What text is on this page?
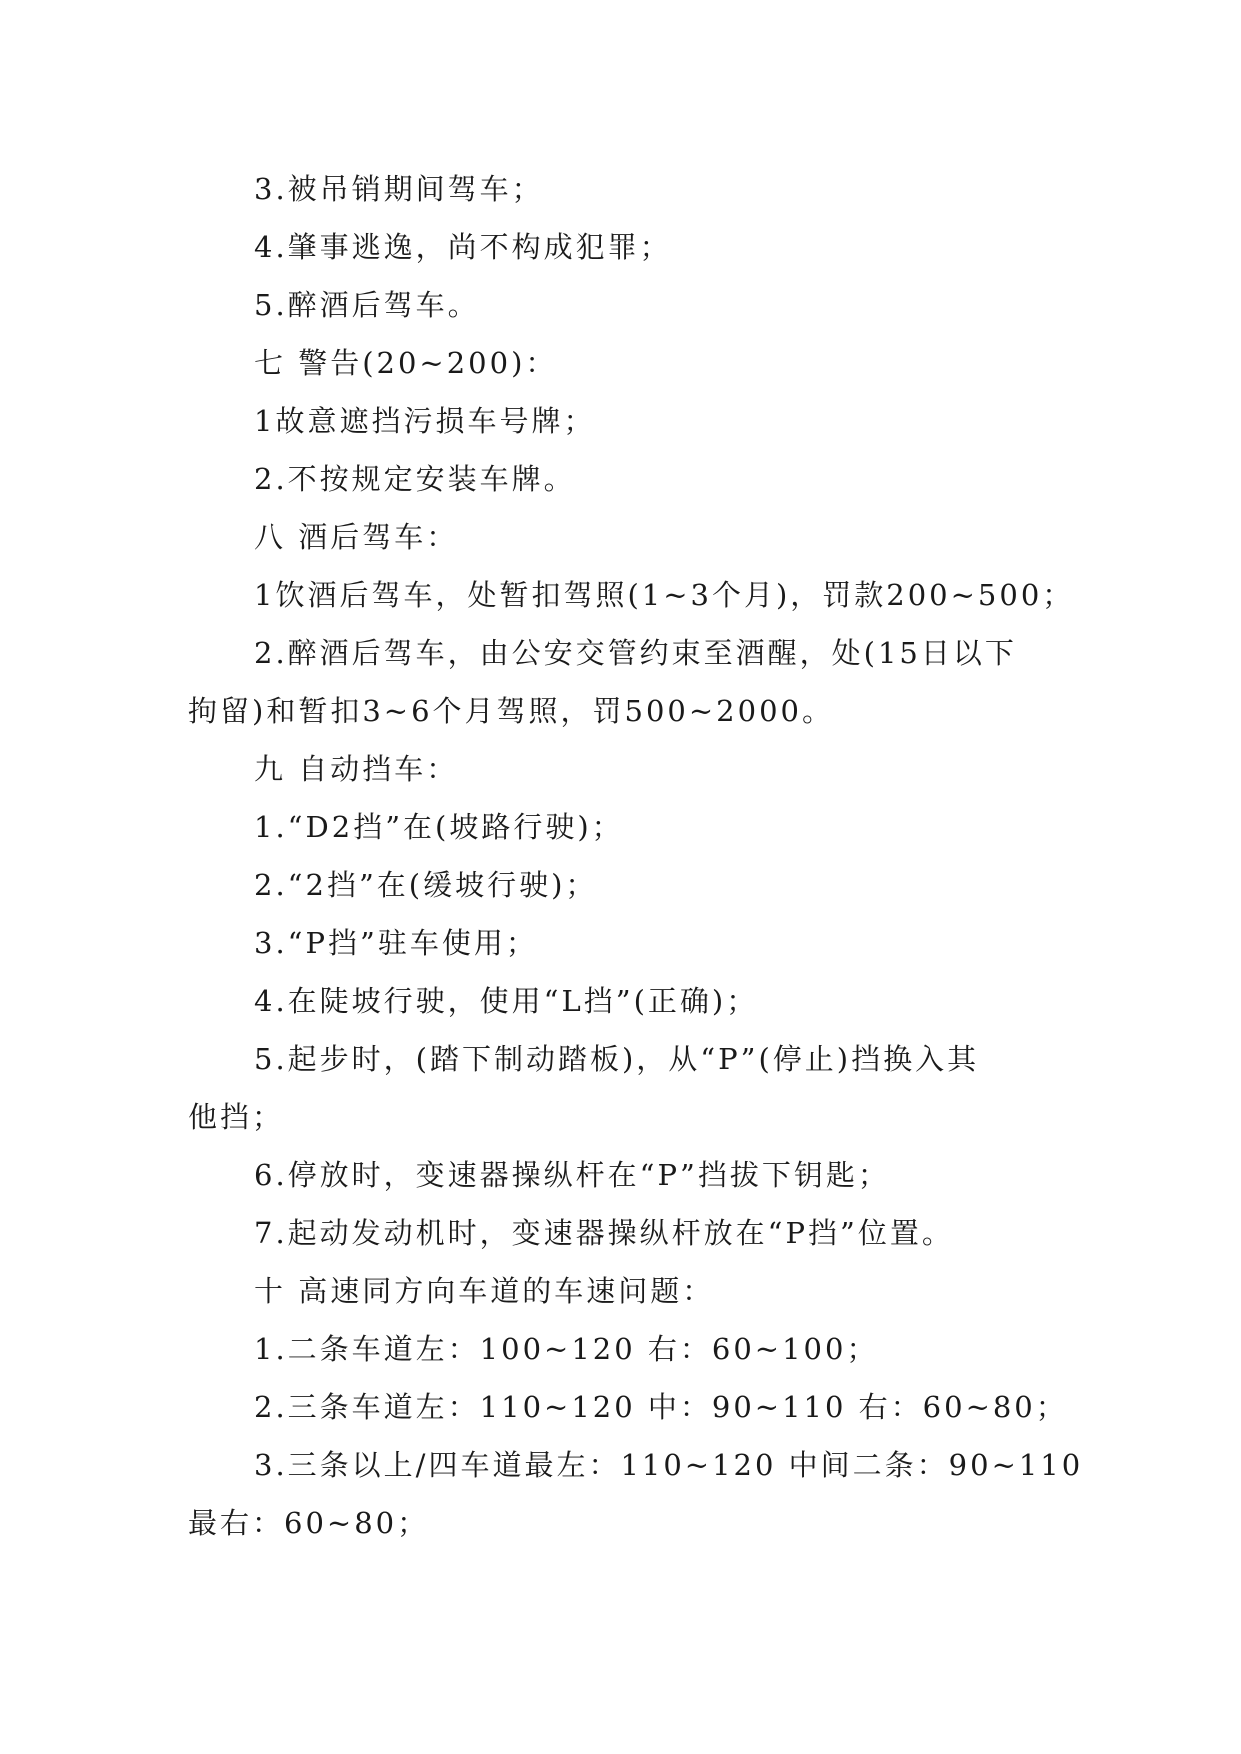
3.被吊销期间驾车；
4.肇事逃逸，尚不构成犯罪；
5.醉酒后驾车。
七 警告(20~200)：
1故意遮挡污损车号牌；
2.不按规定安装车牌。
八 酒后驾车：
1饮酒后驾车，处暂扣驾照(1~3个月)，罚款200~500；
2.醉酒后驾车，由公安交管约束至酒醒，处(15日以下
拘留)和暂扣3~6个月驾照，罚500~2000。
九 自动挡车：
1.“D2挡”在(坡路行驶)；
2.“2挡”在(缓坡行驶)；
3.“P挡”驻车使用；
4.在陡坡行驶，使用“L挡”(正确)；
5.起步时，(踏下制动踏板)，从“P”(停止)挡换入其
他挡；
6.停放时，变速器操纵杆在“P”挡拔下钥匙；
7.起动发动机时，变速器操纵杆放在“P挡”位置。
十 高速同方向车道的车速问题：
1.二条车道左：100~120 右：60~100；
2.三条车道左：110~120 中：90~110 右：60~80；
3.三条以上/四车道最左：110~120 中间二条：90~110
最右：60~80；
